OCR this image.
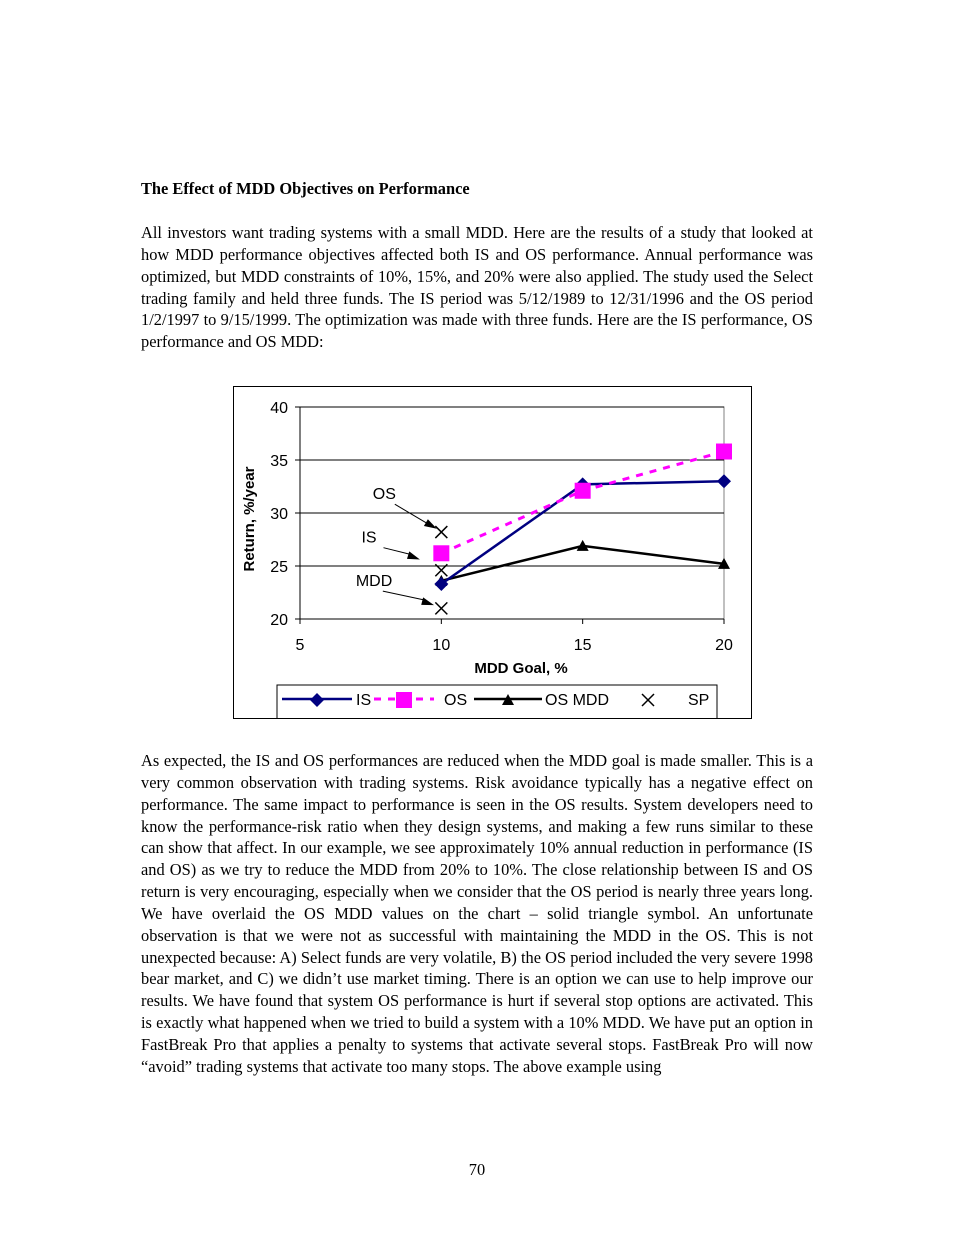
The Effect of MDD Objectives on Performance

All investors want trading systems with a small MDD. Here are the results of a study that looked at how MDD performance objectives affected both IS and OS performance. Annual performance was optimized, but MDD constraints of 10%, 15%, and 20% were also applied. The study used the Select trading family and held three funds. The IS period was 5/12/1989 to 12/31/1996 and the OS period 1/2/1997 to 9/15/1999. The optimization was made with three funds. Here are the IS performance, OS performance and OS MDD:

20
25
30
35
40
5	10	15	20
OS
IS
MDD
Return, %/year
MDD Goal, %
IS	OS	OS MDD	SP

As expected, the IS and OS performances are reduced when the MDD goal is made smaller. This is a very common observation with trading systems. Risk avoidance typically has a negative effect on performance. The same impact to performance is seen in the OS results. System developers need to know the performance-risk ratio when they design systems, and making a few runs similar to these can show that affect. In our example, we see approximately 10% annual reduction in performance (IS and OS) as we try to reduce the MDD from 20% to 10%. The close relationship between IS and OS return is very encouraging, especially when we consider that the OS period is nearly three years long. We have overlaid the OS MDD values on the chart – solid triangle symbol. An unfortunate observation is that we were not as successful with maintaining the MDD in the OS. This is not unexpected because: A) Select funds are very volatile, B) the OS period included the very severe 1998 bear market, and C) we didn’t use market timing. There is an option we can use to help improve our results. We have found that system OS performance is hurt if several stop options are activated. This is exactly what happened when we tried to build a system with a 10% MDD. We have put an option in FastBreak Pro that applies a penalty to systems that activate several stops. FastBreak Pro will now “avoid” trading systems that activate too many stops. The above example using

70
